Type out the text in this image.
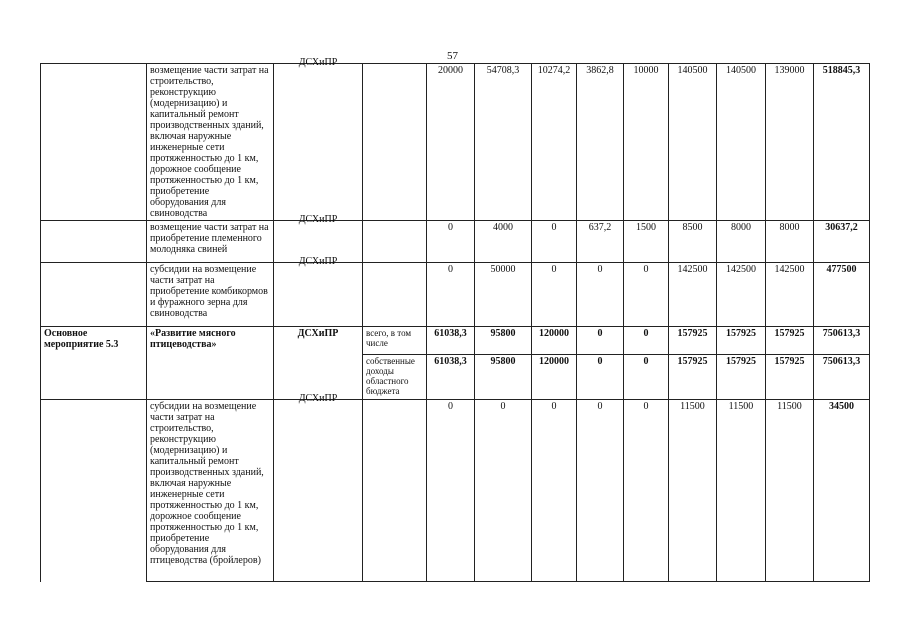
57
	возмещение части затрат на строительство, реконструкцию (модернизацию) и капитальный ремонт производственных зданий, включая наружные инженерные сети протяженностью до 1 км, дорожное сообщение протяженностью до 1 км, приобретение оборудования для свиноводства	ДСХиПР		20000	54708,3	10274,2	3862,8	10000	140500	140500	139000	518845,3
	возмещение части затрат на приобретение племенного молодняка свиней	ДСХиПР		0	4000	0	637,2	1500	8500	8000	8000	30637,2
	субсидии на возмещение части затрат на приобретение комбикормов и фуражного зерна для свиноводства	ДСХиПР		0	50000	0	0	0	142500	142500	142500	477500
Основное мероприятие 5.3	«Развитие мясного птицеводства»	ДСХиПР	всего, в том числе	61038,3	95800	120000	0	0	157925	157925	157925	750613,3
			собственные доходы областного бюджета	61038,3	95800	120000	0	0	157925	157925	157925	750613,3
	субсидии на возмещение части затрат на строительство, реконструкцию (модернизацию) и капитальный ремонт производственных зданий, включая наружные инженерные сети протяженностью до 1 км, дорожное сообщение протяженностью до 1 км, приобретение оборудования для птицеводства (бройлеров)	ДСХиПР		0	0	0	0	0	11500	11500	11500	34500
